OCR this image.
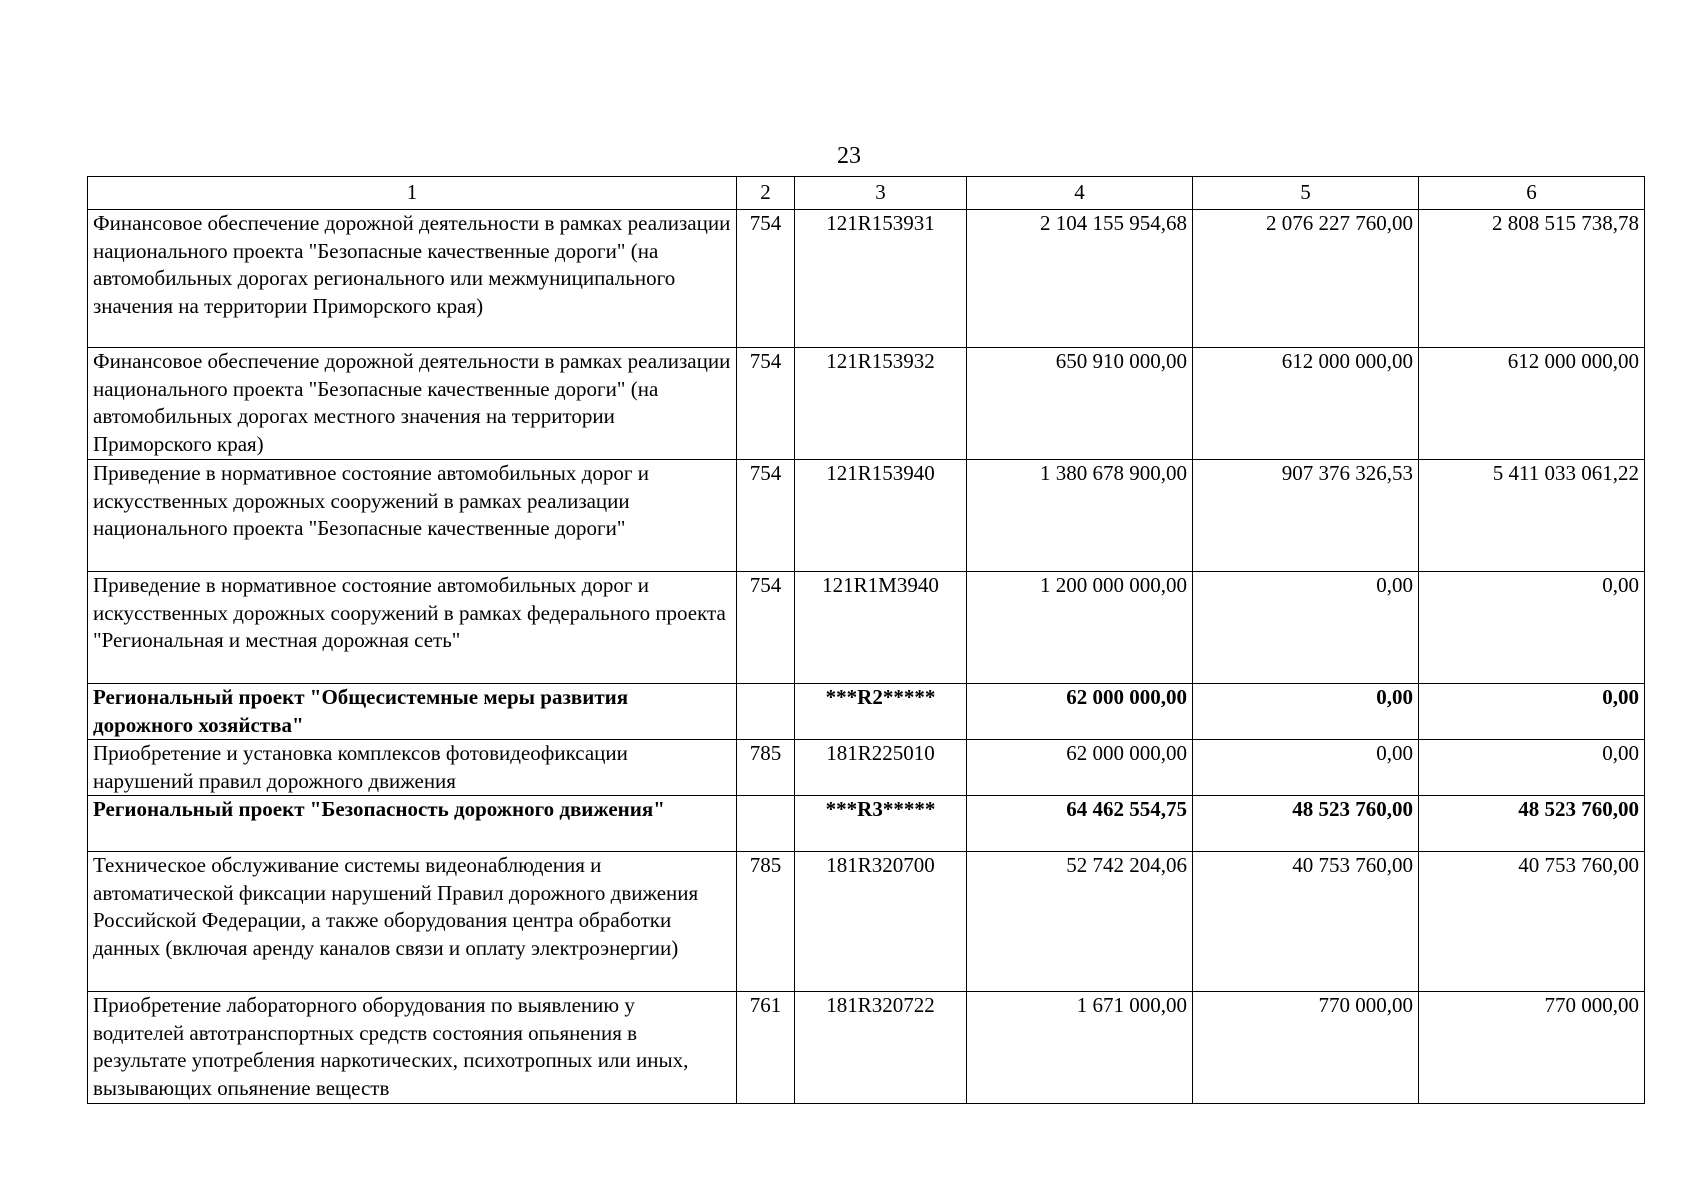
23
1	2	3	4	5	6
Финансовое обеспечение дорожной деятельности в рамках реализации национального проекта "Безопасные качественные дороги" (на автомобильных дорогах регионального или межмуниципального значения на территории Приморского края)	754	121R153931	2 104 155 954,68	2 076 227 760,00	2 808 515 738,78
Финансовое обеспечение дорожной деятельности в рамках реализации национального проекта "Безопасные качественные дороги" (на автомобильных дорогах местного значения на территории Приморского края)	754	121R153932	650 910 000,00	612 000 000,00	612 000 000,00
Приведение в нормативное состояние автомобильных дорог и искусственных дорожных сооружений в рамках реализации национального проекта "Безопасные качественные дороги"	754	121R153940	1 380 678 900,00	907 376 326,53	5 411 033 061,22
Приведение в нормативное состояние автомобильных дорог и искусственных дорожных сооружений в рамках федерального проекта "Региональная и местная дорожная сеть"	754	121R1M3940	1 200 000 000,00	0,00	0,00
Региональный проект "Общесистемные меры развития дорожного хозяйства"		***R2*****	62 000 000,00	0,00	0,00
Приобретение и установка комплексов фотовидеофиксации нарушений правил дорожного движения	785	181R225010	62 000 000,00	0,00	0,00
Региональный проект "Безопасность дорожного движения"		***R3*****	64 462 554,75	48 523 760,00	48 523 760,00
Техническое обслуживание системы видеонаблюдения и автоматической фиксации нарушений Правил дорожного движения Российской Федерации, а также оборудования центра обработки данных (включая аренду каналов связи и оплату электроэнергии)	785	181R320700	52 742 204,06	40 753 760,00	40 753 760,00
Приобретение лабораторного оборудования по выявлению у водителей автотранспортных средств состояния опьянения в результате употребления наркотических, психотропных или иных, вызывающих опьянение веществ	761	181R320722	1 671 000,00	770 000,00	770 000,00
